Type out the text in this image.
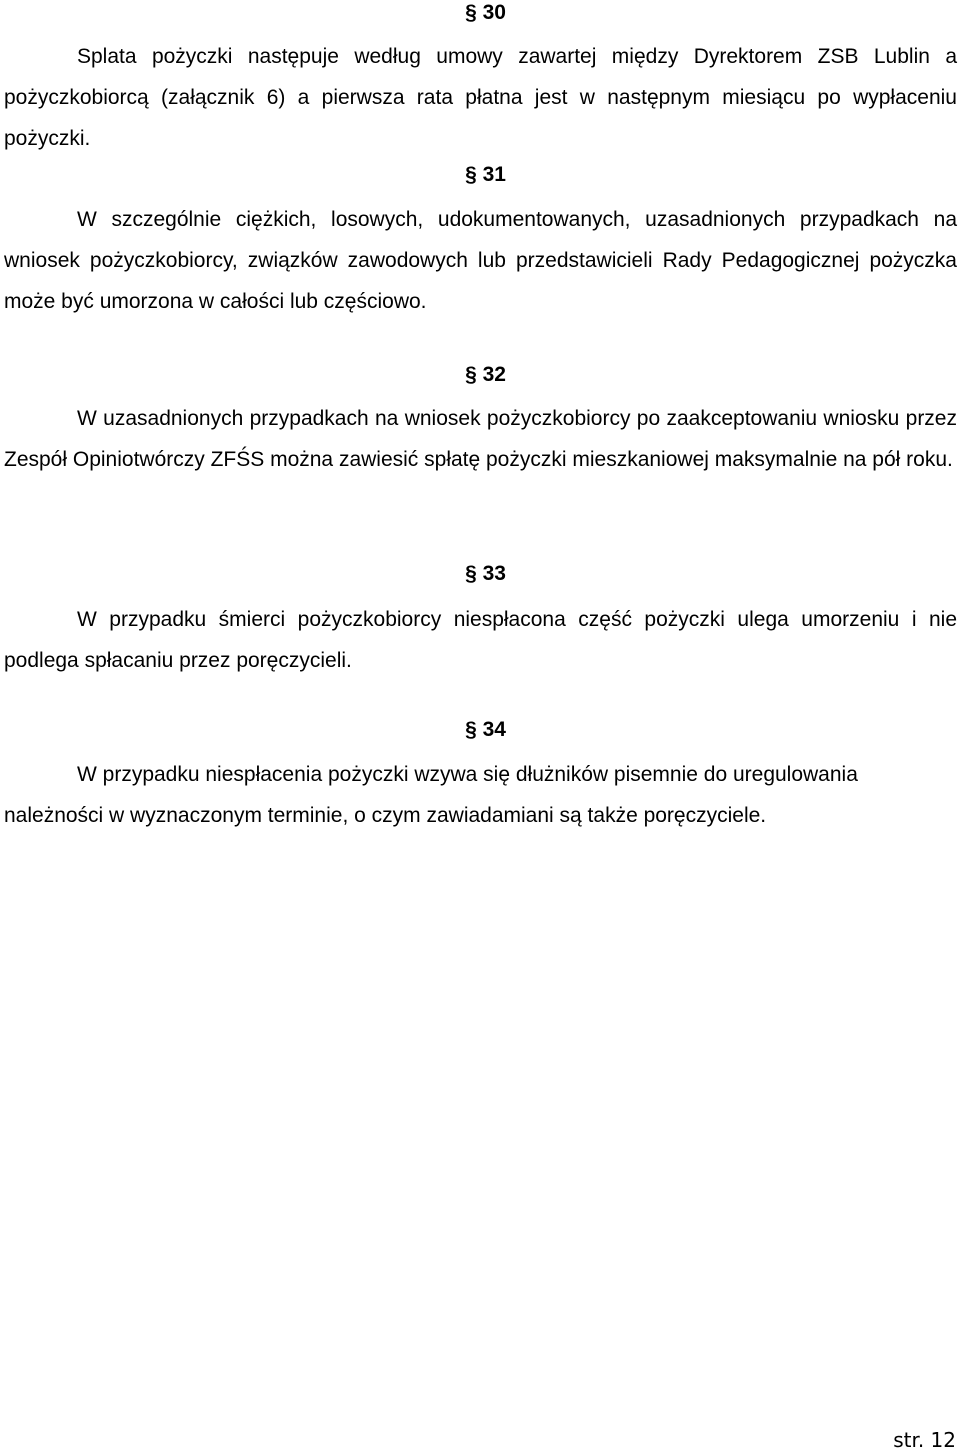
§ 30

Splata pożyczki następuje według umowy zawartej między Dyrektorem ZSB Lublin a pożyczkobiorcą (załącznik 6) a pierwsza rata płatna jest w następnym miesiącu po wypłaceniu pożyczki.

§ 31

W szczególnie ciężkich, losowych, udokumentowanych, uzasadnionych przypadkach na wniosek pożyczkobiorcy, związków zawodowych lub przedstawicieli Rady Pedagogicznej pożyczka może być umorzona w całości lub częściowo.

§ 32

W uzasadnionych przypadkach na wniosek pożyczkobiorcy po zaakceptowaniu wniosku przez Zespół Opiniotwórczy ZFŚS można zawiesić spłatę pożyczki mieszkaniowej maksymalnie na pół roku.

§ 33

W przypadku śmierci pożyczkobiorcy niespłacona część pożyczki ulega umorzeniu i nie podlega spłacaniu przez poręczycieli.

§ 34

W przypadku niespłacenia pożyczki wzywa się dłużników pisemnie do uregulowania należności w wyznaczonym terminie, o czym zawiadamiani są także poręczyciele.

str. 12
